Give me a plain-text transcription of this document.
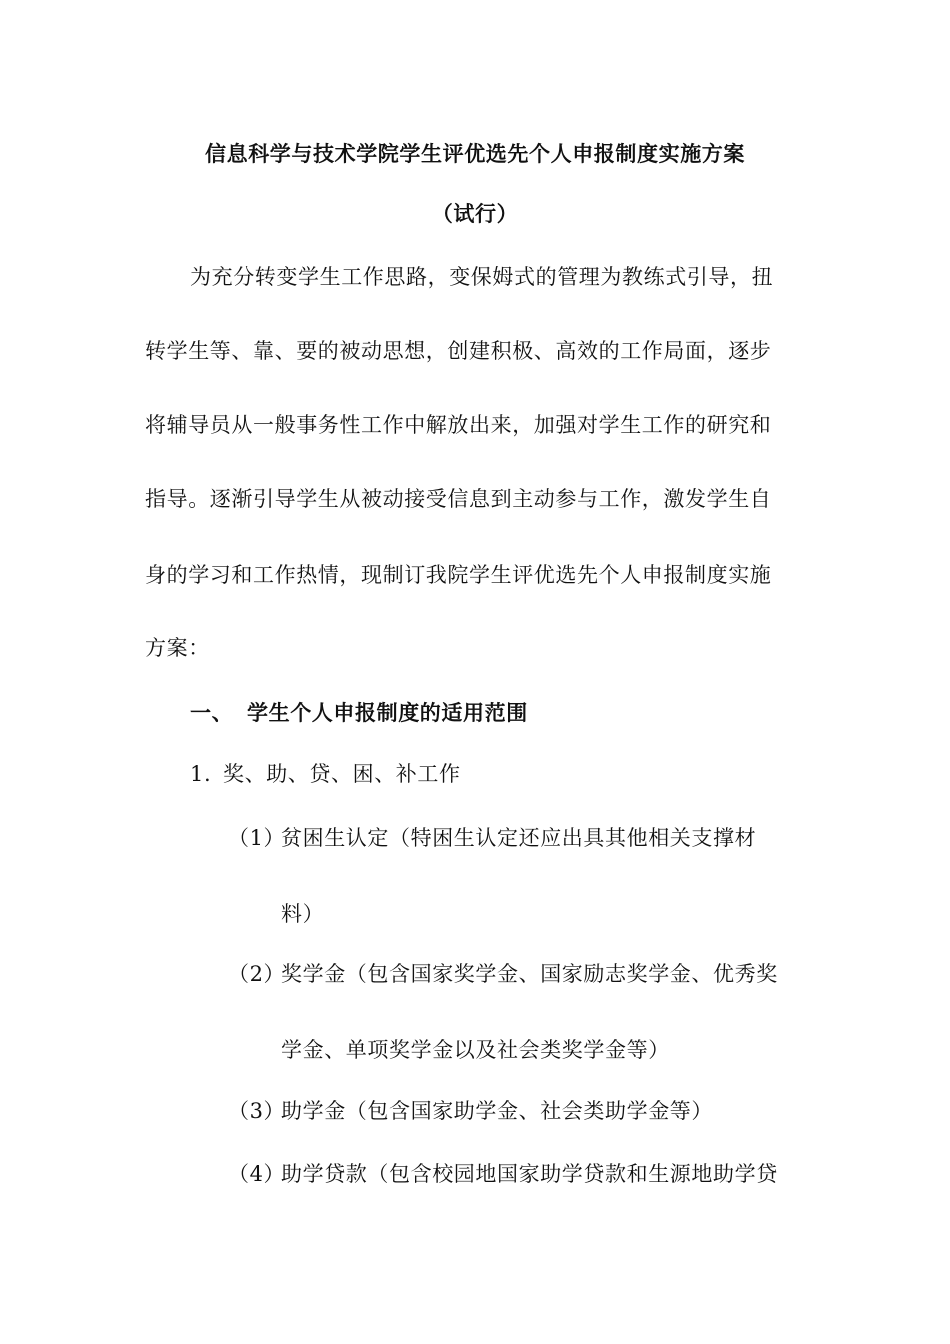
信息科学与技术学院学生评优选先个人申报制度实施方案
（试行）
为充分转变学生工作思路，变保姆式的管理为教练式引导，扭
转学生等、靠、要的被动思想，创建积极、高效的工作局面，逐步
将辅导员从一般事务性工作中解放出来，加强对学生工作的研究和
指导。逐渐引导学生从被动接受信息到主动参与工作，激发学生自
身的学习和工作热情，现制订我院学生评优选先个人申报制度实施
方案：
一、 学生个人申报制度的适用范围
1. 奖、助、贷、困、补工作
（1）
贫困生认定（特困生认定还应出具其他相关支撑材
料）
（2）
奖学金（包含国家奖学金、国家励志奖学金、优秀奖
学金、单项奖学金以及社会类奖学金等）
（3）
助学金（包含国家助学金、社会类助学金等）
（4）
助学贷款（包含校园地国家助学贷款和生源地助学贷
